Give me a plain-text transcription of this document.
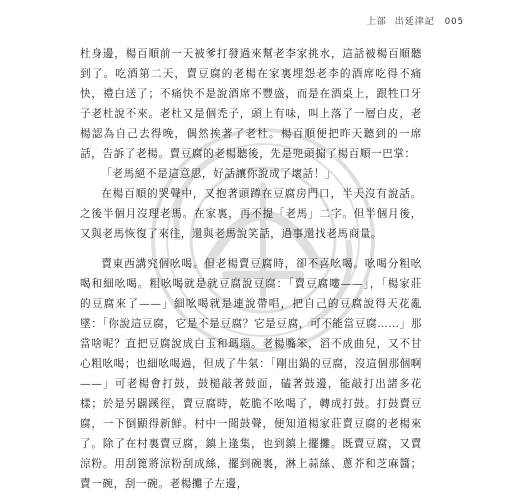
上部 出延津記 005

杜身邊，楊百順前一天被爹打發過來幫老李家挑水，這話被楊百順聽到了。吃酒第二天，賣豆腐的老楊在家裏埋怨老李的酒席吃得不痛快，禮白送了；不痛快不是說酒席不豐盛，而是在酒桌上，跟牲口牙子老杜說不來。老杜又是個禿子，頭上有味，叫上落了一層白皮，老楊認為自己去得晚，偶然挨著了老杜。楊百順便把昨天聽到的一席話，告訴了老楊。賣豆腐的老楊聽後，先是兜頭搧了楊百順一巴掌：

「老馬絕不是這意思，好話讓你說成了壞話！」

在楊百順的哭聲中，又抱著頭蹲在豆腐房門口，半天沒有說話。之後半個月沒理老馬。在家裏，再不提「老馬」二字。但半個月後，又與老馬恢復了來往，還與老馬說笑話，過事還找老馬商量。

賣東西講究個吆喝。但老楊賣豆腐時，卻不喜吆喝。吆喝分粗吆喝和細吆喝。粗吆喝就是就豆腐說豆腐：「賣豆腐嘍——」，「楊家莊的豆腐來了——」細吆喝就是連說帶唱，把自己的豆腐說得天花亂墜：「你說這豆腐，它是不是豆腐？它是豆腐，可不能當豆腐……」那當啥呢？直把豆腐說成白玉和瑪瑙。老楊嘴笨，滔不成曲兒，又不甘心粗吆喝；也細吆喝過，但成了牛氣：「剛出鍋的豆腐，沒這個那個啊——」可老楊會打鼓，鼓槌敲著鼓面，磕著鼓邊，能敲打出諸多花樣；於是另闢蹊徑，賣豆腐時，乾脆不吆喝了，轉成打鼓。打鼓賣豆腐，一下倒顯得新鮮。村中一聞鼓聲，便知道楊家莊賣豆腐的老楊來了。除了在村裏賣豆腐，鎮上逢集，也到鎮上擺攤。既賣豆腐，又賣涼粉。用刮篦將涼粉刮成絲，擺到碗裏，淋上蒜絲、蔥芥和芝麻醬；賣一碗，刮一碗。老楊攤子左邊，
